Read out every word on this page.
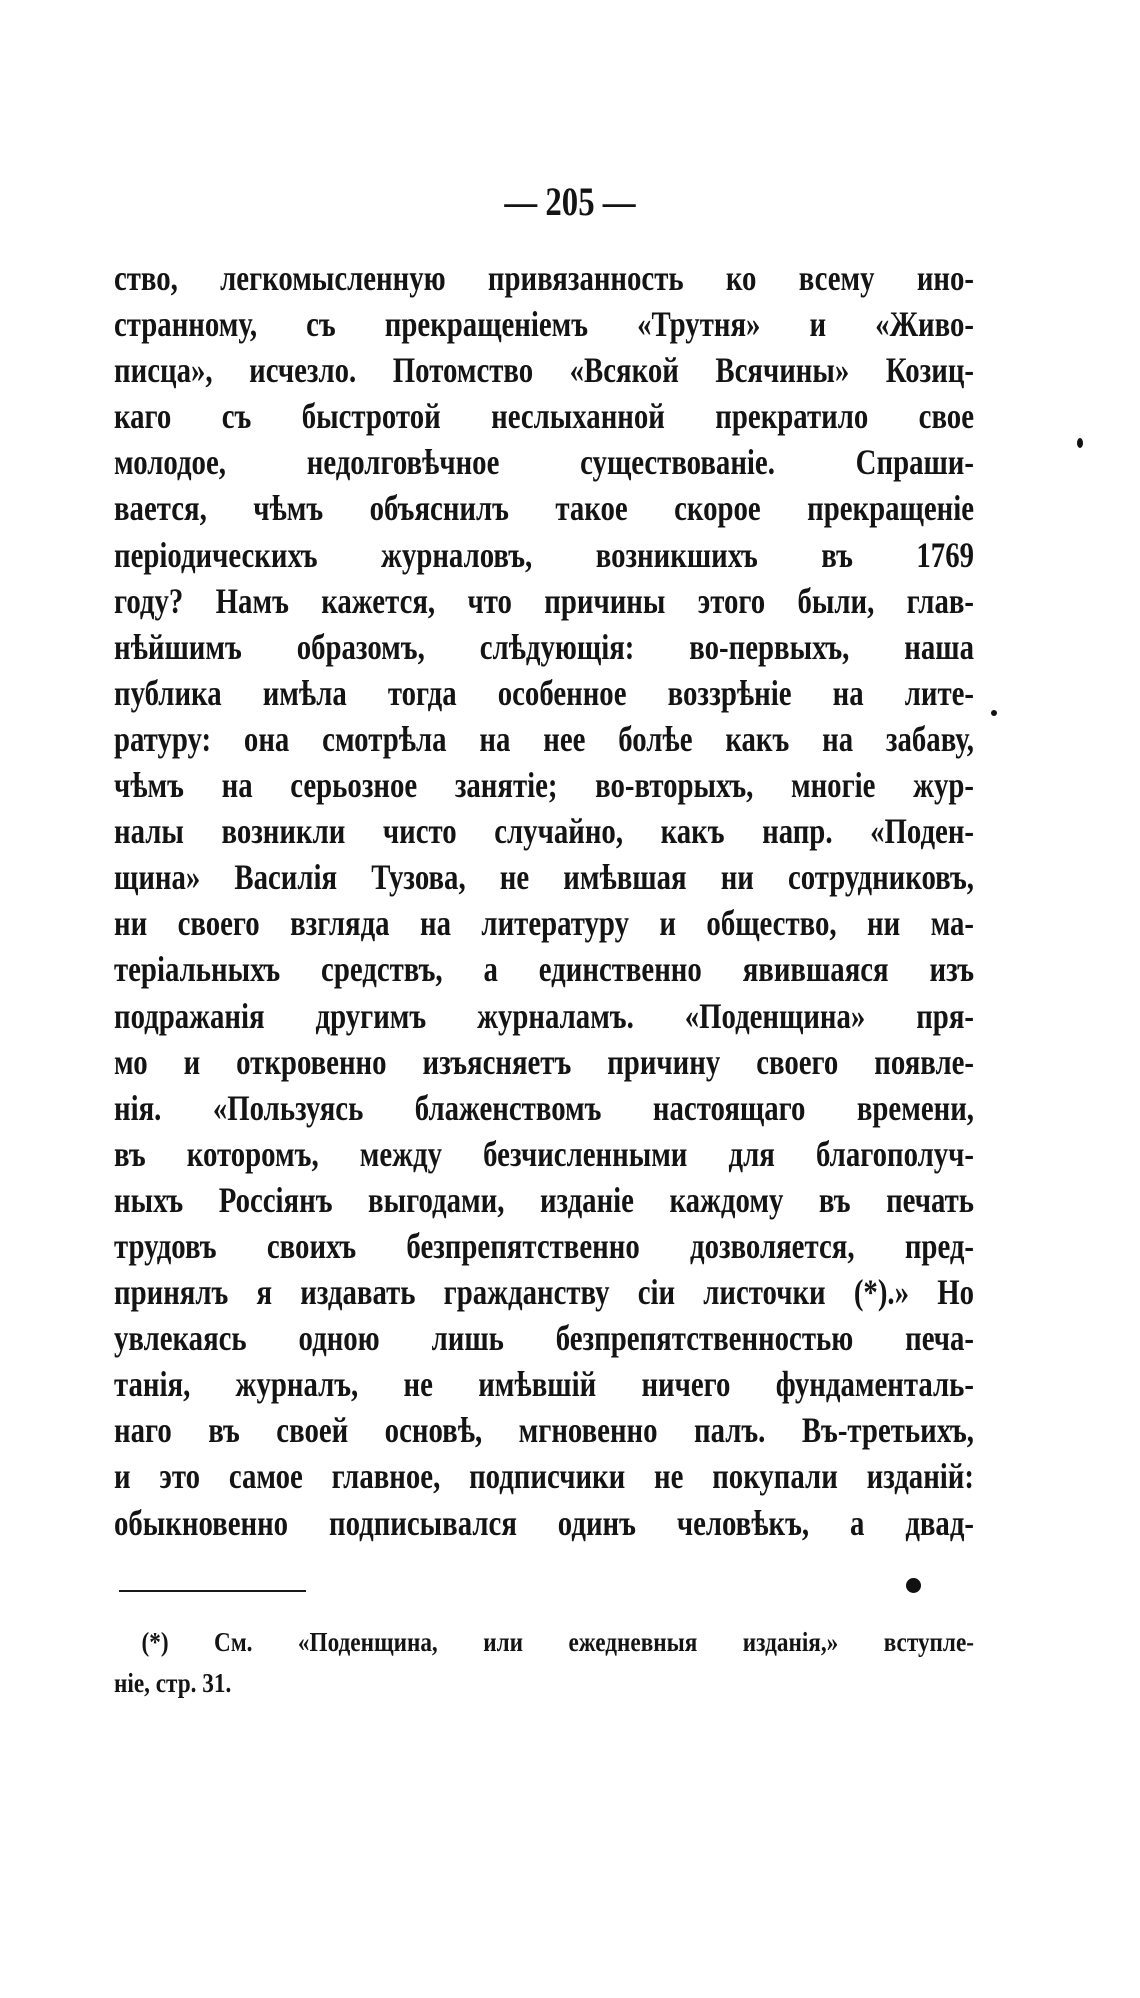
— 205 —
ство, легкомысленную привязанность ко всему ино-
странному, съ прекращеніемъ «Трутня» и «Живо-
писца», исчезло. Потомство «Всякой Всячины» Козиц-
каго съ быстротой неслыханной прекратило свое
молодое, недолговѣчное существованіе. Спраши-
вается, чѣмъ объяснилъ такое скорое прекращеніе
періодическихъ журналовъ, возникшихъ въ 1769
году? Намъ кажется, что причины этого были, глав-
нѣйшимъ образомъ, слѣдующія: во-первыхъ, наша
публика имѣла тогда особенное воззрѣніе на лите-
ратуру: она смотрѣла на нее болѣе какъ на забаву,
чѣмъ на серьозное занятіе; во-вторыхъ, многіе жур-
налы возникли чисто случайно, какъ напр. «Поден-
щина» Василія Тузова, не имѣвшая ни сотрудниковъ,
ни своего взгляда на литературу и общество, ни ма-
теріальныхъ средствъ, а единственно явившаяся изъ
подражанія другимъ журналамъ. «Поденщина» пря-
мо и откровенно изъясняетъ причину своего появле-
нія. «Пользуясь блаженствомъ настоящаго времени,
въ которомъ, между безчисленными для благополуч-
ныхъ Россіянъ выгодами, изданіе каждому въ печать
трудовъ своихъ безпрепятственно дозволяется, пред-
принялъ я издавать гражданству сіи листочки (*).» Но
увлекаясь одною лишь безпрепятственностью печа-
танія, журналъ, не имѣвшій ничего фундаменталь-
наго въ своей основѣ, мгновенно палъ. Въ-третьихъ,
и это самое главное, подписчики не покупали изданій:
обыкновенно подписывался одинъ человѣкъ, а двад-
(*) См. «Поденщина, или ежедневныя изданія,» вступле-
ніе, стр. 31.
